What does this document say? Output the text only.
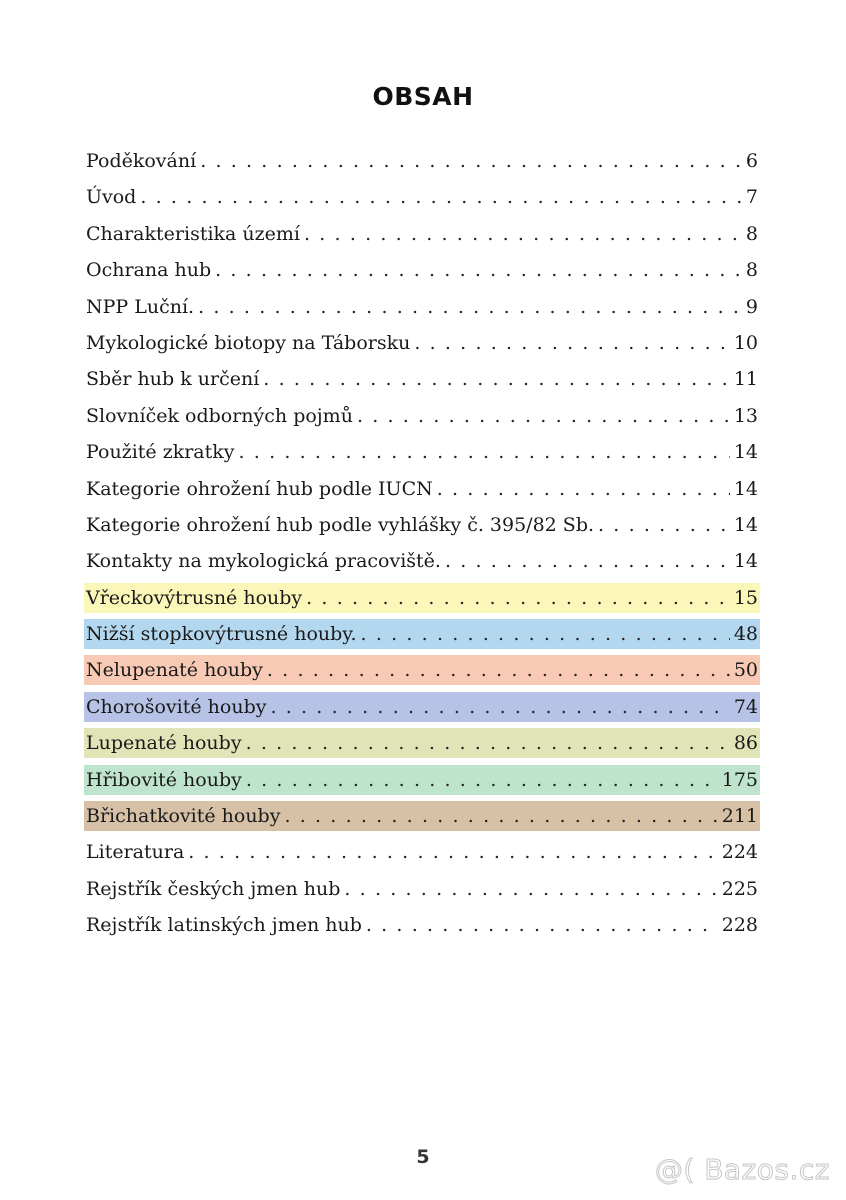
OBSAH
Poděkování . . .	6
Úvod . . .	7
Charakteristika území . . .	8
Ochrana hub . . .	8
NPP Luční. . . .	9
Mykologické biotopy na Táborsku . . .	10
Sběr hub k určení . . .	11
Slovníček odborných pojmů . . .	13
Použité zkratky . . .	14
Kategorie ohrožení hub podle IUCN . . .	14
Kategorie ohrožení hub podle vyhlášky č. 395/82 Sb. . . .	14
Kontakty na mykologická pracoviště. . . .	14
Vřeckovýtrusné houby . . .	15
Nižší stopkovýtrusné houby. . . .	48
Nelupenaté houby . . .	50
Chorošovité houby . . .	74
Lupenaté houby . . .	86
Hřibovité houby . . .	175
Břichatkovité houby . . .	211
Literatura . . .	224
Rejstřík českých jmen hub . . .	225
Rejstřík latinských jmen hub . . .	228
5	@( Bazos.cz
